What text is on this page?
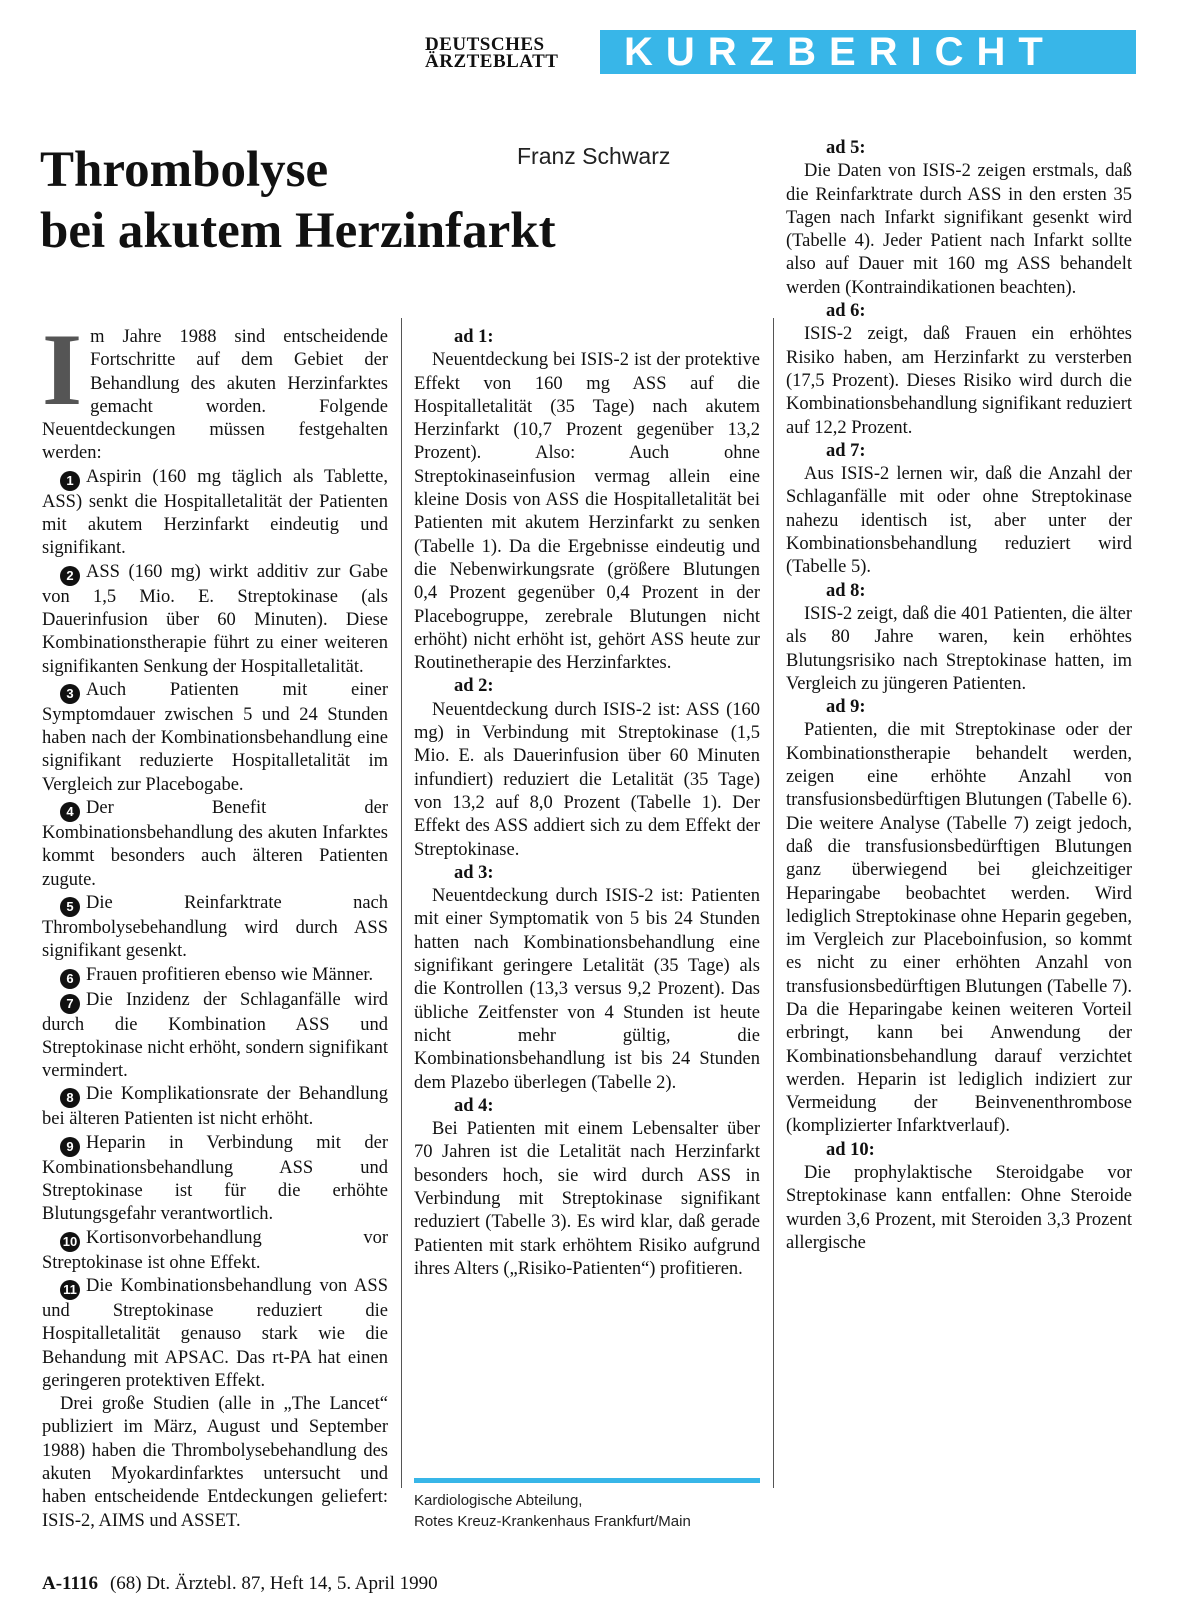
DEUTSCHES
ÄRZTEBLATT	KURZBERICHT
Thrombolyse
bei akutem Herzinfarkt
Franz Schwarz

Im Jahre 1988 sind entscheidende Fortschritte auf dem Gebiet der Behandlung des akuten Herzinfarktes gemacht worden. Folgende Neuentdeckungen müssen festgehalten werden:

1 Aspirin (160 mg täglich als Tablette, ASS) senkt die Hospitalletalität der Patienten mit akutem Herzinfarkt eindeutig und signifikant.

2 ASS (160 mg) wirkt additiv zur Gabe von 1,5 Mio. E. Streptokinase (als Dauerinfusion über 60 Minuten). Diese Kombinationstherapie führt zu einer weiteren signifikanten Senkung der Hospitalletalität.

3 Auch Patienten mit einer Symptomdauer zwischen 5 und 24 Stunden haben nach der Kombinationsbehandlung eine signifikant reduzierte Hospitalletalität im Vergleich zur Placebogabe.

4 Der Benefit der Kombinationsbehandlung des akuten Infarktes kommt besonders auch älteren Patienten zugute.

5 Die Reinfarktrate nach Thrombolysebehandlung wird durch ASS signifikant gesenkt.

6 Frauen profitieren ebenso wie Männer.

7 Die Inzidenz der Schlaganfälle wird durch die Kombination ASS und Streptokinase nicht erhöht, sondern signifikant vermindert.

8 Die Komplikationsrate der Behandlung bei älteren Patienten ist nicht erhöht.

9 Heparin in Verbindung mit der Kombinationsbehandlung ASS und Streptokinase ist für die erhöhte Blutungsgefahr verantwortlich.

10 Kortisonvorbehandlung vor Streptokinase ist ohne Effekt.

11 Die Kombinationsbehandlung von ASS und Streptokinase reduziert die Hospitalletalität genauso stark wie die Behandung mit APSAC. Das rt-PA hat einen geringeren protektiven Effekt.

Drei große Studien (alle in „The Lancet“ publiziert im März, August und September 1988) haben die Thrombolysebehandlung des akuten Myokardinfarktes untersucht und haben entscheidende Entdeckungen geliefert: ISIS-2, AIMS und ASSET.

ad 1:

Neuentdeckung bei ISIS-2 ist der protektive Effekt von 160 mg ASS auf die Hospitalletalität (35 Tage) nach akutem Herzinfarkt (10,7 Prozent gegenüber 13,2 Prozent). Also: Auch ohne Streptokinaseinfusion vermag allein eine kleine Dosis von ASS die Hospitalletalität bei Patienten mit akutem Herzinfarkt zu senken (Tabelle 1). Da die Ergebnisse eindeutig und die Nebenwirkungsrate (größere Blutungen 0,4 Prozent gegenüber 0,4 Prozent in der Placebogruppe, zerebrale Blutungen nicht erhöht) nicht erhöht ist, gehört ASS heute zur Routinetherapie des Herzinfarktes.

ad 2:

Neuentdeckung durch ISIS-2 ist: ASS (160 mg) in Verbindung mit Streptokinase (1,5 Mio. E. als Dauerinfusion über 60 Minuten infundiert) reduziert die Letalität (35 Tage) von 13,2 auf 8,0 Prozent (Tabelle 1). Der Effekt des ASS addiert sich zu dem Effekt der Streptokinase.

ad 3:

Neuentdeckung durch ISIS-2 ist: Patienten mit einer Symptomatik von 5 bis 24 Stunden hatten nach Kombinationsbehandlung eine signifikant geringere Letalität (35 Tage) als die Kontrollen (13,3 versus 9,2 Prozent). Das übliche Zeitfenster von 4 Stunden ist heute nicht mehr gültig, die Kombinationsbehandlung ist bis 24 Stunden dem Plazebo überlegen (Tabelle 2).

ad 4:

Bei Patienten mit einem Lebensalter über 70 Jahren ist die Letalität nach Herzinfarkt besonders hoch, sie wird durch ASS in Verbindung mit Streptokinase signifikant reduziert (Tabelle 3). Es wird klar, daß gerade Patienten mit stark erhöhtem Risiko aufgrund ihres Alters („Risiko-Patienten“) profitieren.

ad 5:

Die Daten von ISIS-2 zeigen erstmals, daß die Reinfarktrate durch ASS in den ersten 35 Tagen nach Infarkt signifikant gesenkt wird (Tabelle 4). Jeder Patient nach Infarkt sollte also auf Dauer mit 160 mg ASS behandelt werden (Kontraindikationen beachten).

ad 6:

ISIS-2 zeigt, daß Frauen ein erhöhtes Risiko haben, am Herzinfarkt zu versterben (17,5 Prozent). Dieses Risiko wird durch die Kombinationsbehandlung signifikant reduziert auf 12,2 Prozent.

ad 7:

Aus ISIS-2 lernen wir, daß die Anzahl der Schlaganfälle mit oder ohne Streptokinase nahezu identisch ist, aber unter der Kombinationsbehandlung reduziert wird (Tabelle 5).

ad 8:

ISIS-2 zeigt, daß die 401 Patienten, die älter als 80 Jahre waren, kein erhöhtes Blutungsrisiko nach Streptokinase hatten, im Vergleich zu jüngeren Patienten.

ad 9:

Patienten, die mit Streptokinase oder der Kombinationstherapie behandelt werden, zeigen eine erhöhte Anzahl von transfusionsbedürftigen Blutungen (Tabelle 6). Die weitere Analyse (Tabelle 7) zeigt jedoch, daß die transfusionsbedürftigen Blutungen ganz überwiegend bei gleichzeitiger Heparingabe beobachtet werden. Wird lediglich Streptokinase ohne Heparin gegeben, im Vergleich zur Placeboinfusion, so kommt es nicht zu einer erhöhten Anzahl von transfusionsbedürftigen Blutungen (Tabelle 7). Da die Heparingabe keinen weiteren Vorteil erbringt, kann bei Anwendung der Kombinationsbehandlung darauf verzichtet werden. Heparin ist lediglich indiziert zur Vermeidung der Beinvenenthrombose (komplizierter Infarktverlauf).

ad 10:

Die prophylaktische Steroidgabe vor Streptokinase kann entfallen: Ohne Steroide wurden 3,6 Prozent, mit Steroiden 3,3 Prozent allergische

Kardiologische Abteilung,
Rotes Kreuz-Krankenhaus Frankfurt/Main
A-1116 (68) Dt. Ärztebl. 87, Heft 14, 5. April 1990
